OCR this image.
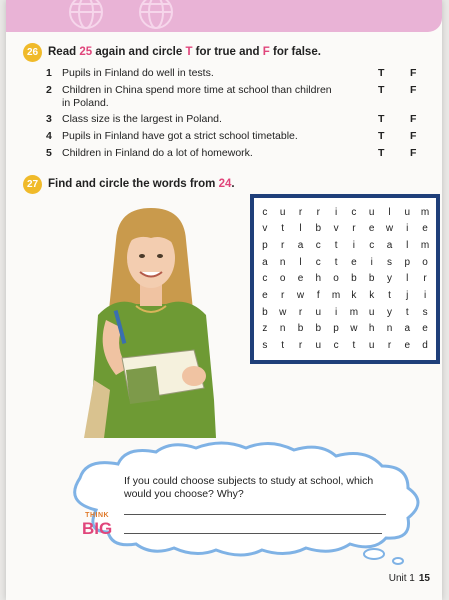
26 Read 25 again and circle T for true and F for false.
1 Pupils in Finland do well in tests.	T F
2 Children in China spend more time at school than children in Poland.
T F
3 Class size is the largest in Poland.	T F
4 Pupils in Finland have got a strict school timetable.	T F
5 Children in Finland do a lot of homework.	T F
27 Find and circle the words from 24.
c	u	r	r	i	c	u	l	u	m
v	t	l	b	v	r	e	w	i	e
p	r	a	c	t	i	c	a	l	m
a	n	l	c	t	e	i	s	p	o
c	o	e	h	o	b	b	y	l	r
e	r	w	f	m	k	k	t	j	i
b	w	r	u	i	m	u	y	t	s
z	n	b	b	p	w	h	n	a	e
s	t	r	u	c	t	u	r	e	d
THINK
BIG
If you could choose subjects to study at school, which would you choose? Why?
Unit 1 15
